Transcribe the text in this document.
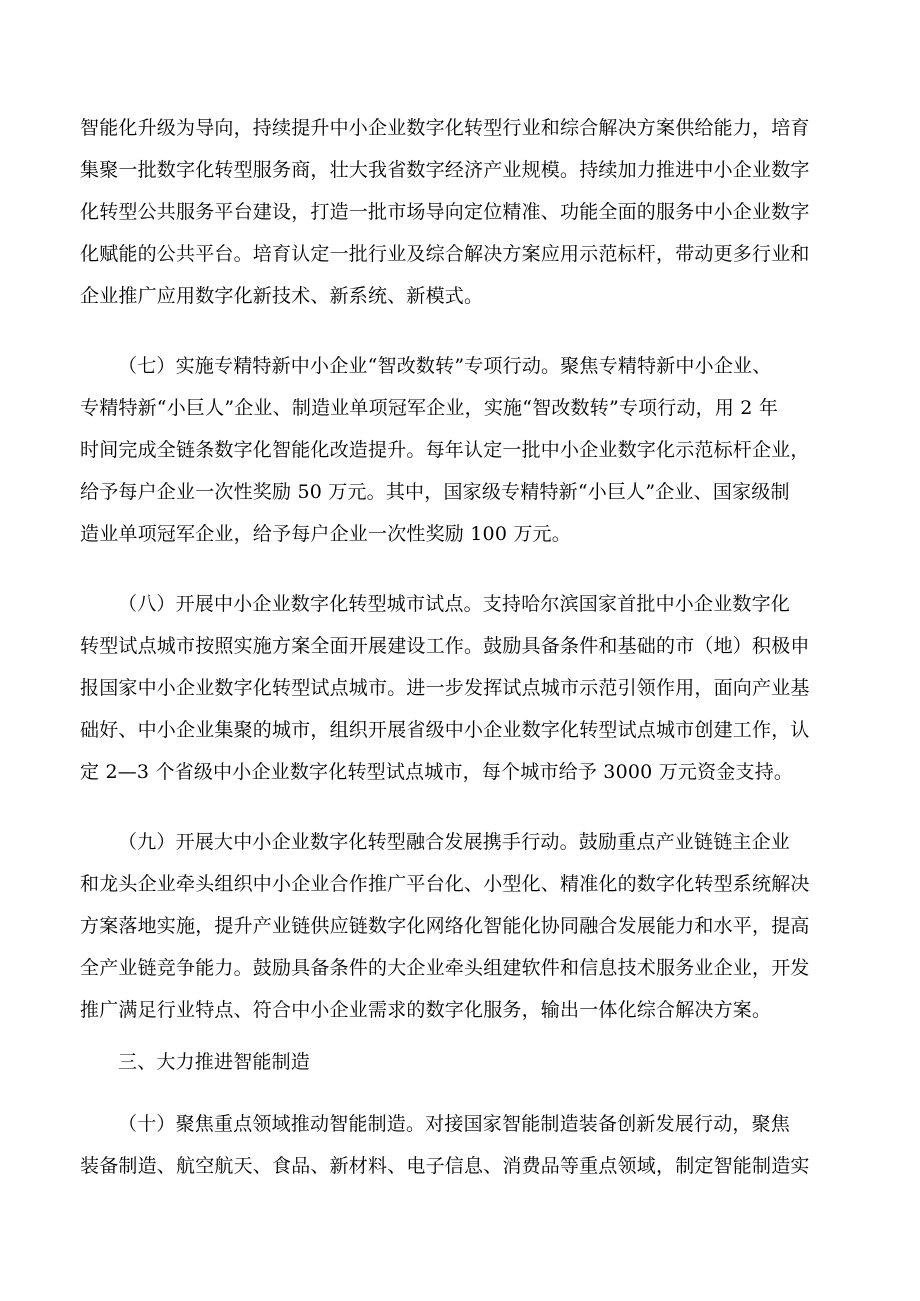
智能化升级为导向，持续提升中小企业数字化转型行业和综合解决方案供给能力，培育
集聚一批数字化转型服务商，壮大我省数字经济产业规模。持续加力推进中小企业数字
化转型公共服务平台建设，打造一批市场导向定位精准、功能全面的服务中小企业数字
化赋能的公共平台。培育认定一批行业及综合解决方案应用示范标杆，带动更多行业和
企业推广应用数字化新技术、新系统、新模式。
（七）实施专精特新中小企业“智改数转”专项行动。聚焦专精特新中小企业、
专精特新“小巨人”企业、制造业单项冠军企业，实施“智改数转”专项行动，用 2 年
时间完成全链条数字化智能化改造提升。每年认定一批中小企业数字化示范标杆企业，
给予每户企业一次性奖励 50 万元。其中，国家级专精特新“小巨人”企业、国家级制
造业单项冠军企业，给予每户企业一次性奖励 100 万元。
（八）开展中小企业数字化转型城市试点。支持哈尔滨国家首批中小企业数字化
转型试点城市按照实施方案全面开展建设工作。鼓励具备条件和基础的市（地）积极申
报国家中小企业数字化转型试点城市。进一步发挥试点城市示范引领作用，面向产业基
础好、中小企业集聚的城市，组织开展省级中小企业数字化转型试点城市创建工作，认
定 2—3 个省级中小企业数字化转型试点城市，每个城市给予 3000 万元资金支持。
（九）开展大中小企业数字化转型融合发展携手行动。鼓励重点产业链链主企业
和龙头企业牵头组织中小企业合作推广平台化、小型化、精准化的数字化转型系统解决
方案落地实施，提升产业链供应链数字化网络化智能化协同融合发展能力和水平，提高
全产业链竞争能力。鼓励具备条件的大企业牵头组建软件和信息技术服务业企业，开发
推广满足行业特点、符合中小企业需求的数字化服务，输出一体化综合解决方案。
三、大力推进智能制造
（十）聚焦重点领域推动智能制造。对接国家智能制造装备创新发展行动，聚焦
装备制造、航空航天、食品、新材料、电子信息、消费品等重点领域，制定智能制造实
